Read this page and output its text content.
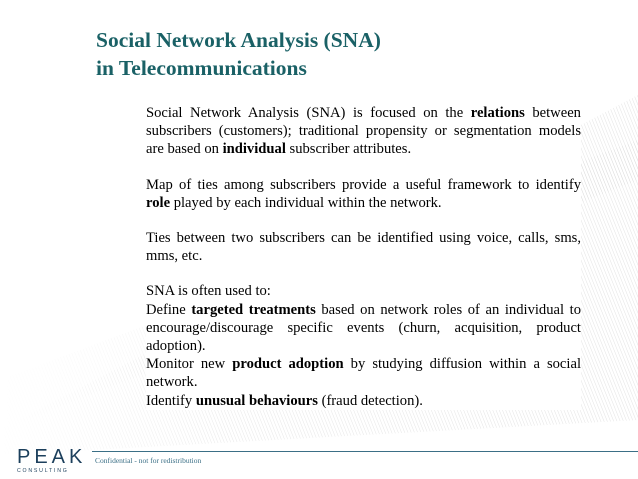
Social Network Analysis (SNA)
in Telecommunications

Social Network Analysis (SNA) is focused on the relations between subscribers (customers); traditional propensity or segmentation models are based on individual subscriber attributes.

Map of ties among subscribers provide a useful framework to identify role played by each individual within the network.

Ties between two subscribers can be identified using voice, calls, sms, mms, etc.

SNA is often used to:

Define targeted treatments based on network roles of an individual to encourage/discourage specific events (churn, acquisition, product adoption).

Monitor new product adoption by studying diffusion within a social network.

Identify unusual behaviours (fraud detection).

PEAK
CONSULTING
Confidential - not for redistribution
